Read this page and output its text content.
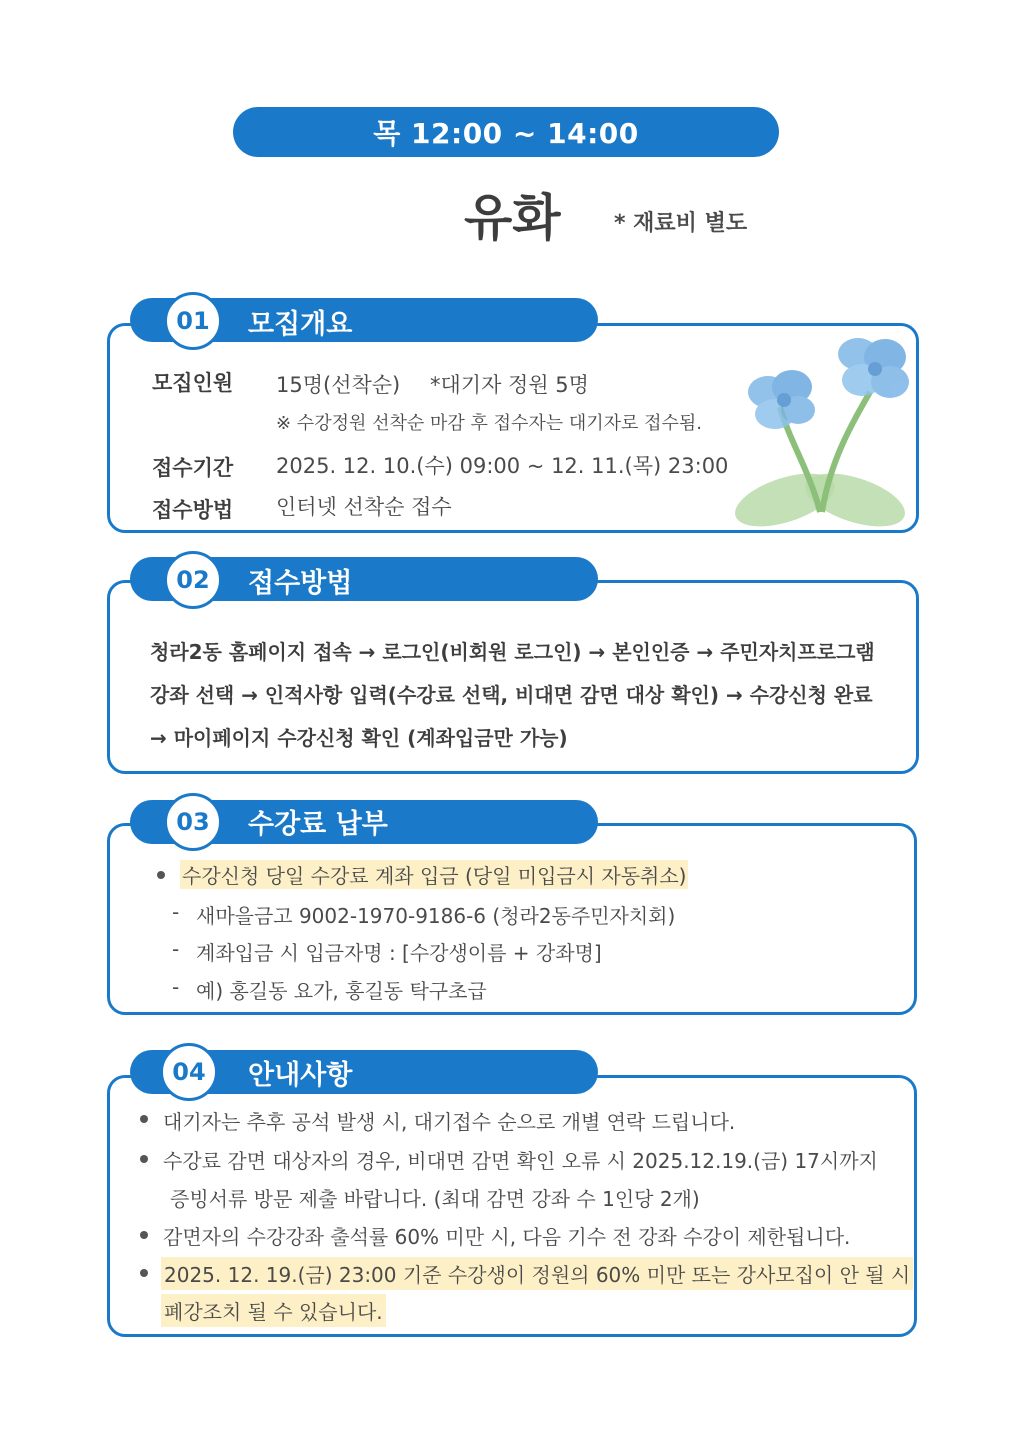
목 12:00 ~ 14:00
유화 * 재료비 별도
01	모집개요
모집인원 15명(선착순) *대기자 정원 5명
※ 수강정원 선착순 마감 후 접수자는 대기자로 접수됨.
접수기간 2025. 12. 10.(수) 09:00 ~ 12. 11.(목) 23:00
접수방법 인터넷 선착순 접수
02	접수방법
청라2동 홈페이지 접속 → 로그인(비회원 로그인) → 본인인증 → 주민자치프로그램
강좌 선택 → 인적사항 입력(수강료 선택, 비대면 감면 대상 확인) → 수강신청 완료
→ 마이페이지 수강신청 확인 (계좌입금만 가능)
03	수강료 납부
수강신청 당일 수강료 계좌 입금 (당일 미입금시 자동취소)
- 새마을금고 9002-1970-9186-6 (청라2동주민자치회)
- 계좌입금 시 입금자명 : [수강생이름 + 강좌명]
- 예) 홍길동 요가, 홍길동 탁구초급
04	안내사항
대기자는 추후 공석 발생 시, 대기접수 순으로 개별 연락 드립니다.
수강료 감면 대상자의 경우, 비대면 감면 확인 오류 시 2025.12.19.(금) 17시까지
증빙서류 방문 제출 바랍니다. (최대 감면 강좌 수 1인당 2개)
감면자의 수강강좌 출석률 60% 미만 시, 다음 기수 전 강좌 수강이 제한됩니다.
2025. 12. 19.(금) 23:00 기준 수강생이 정원의 60% 미만 또는 강사모집이 안 될 시
폐강조치 될 수 있습니다.
